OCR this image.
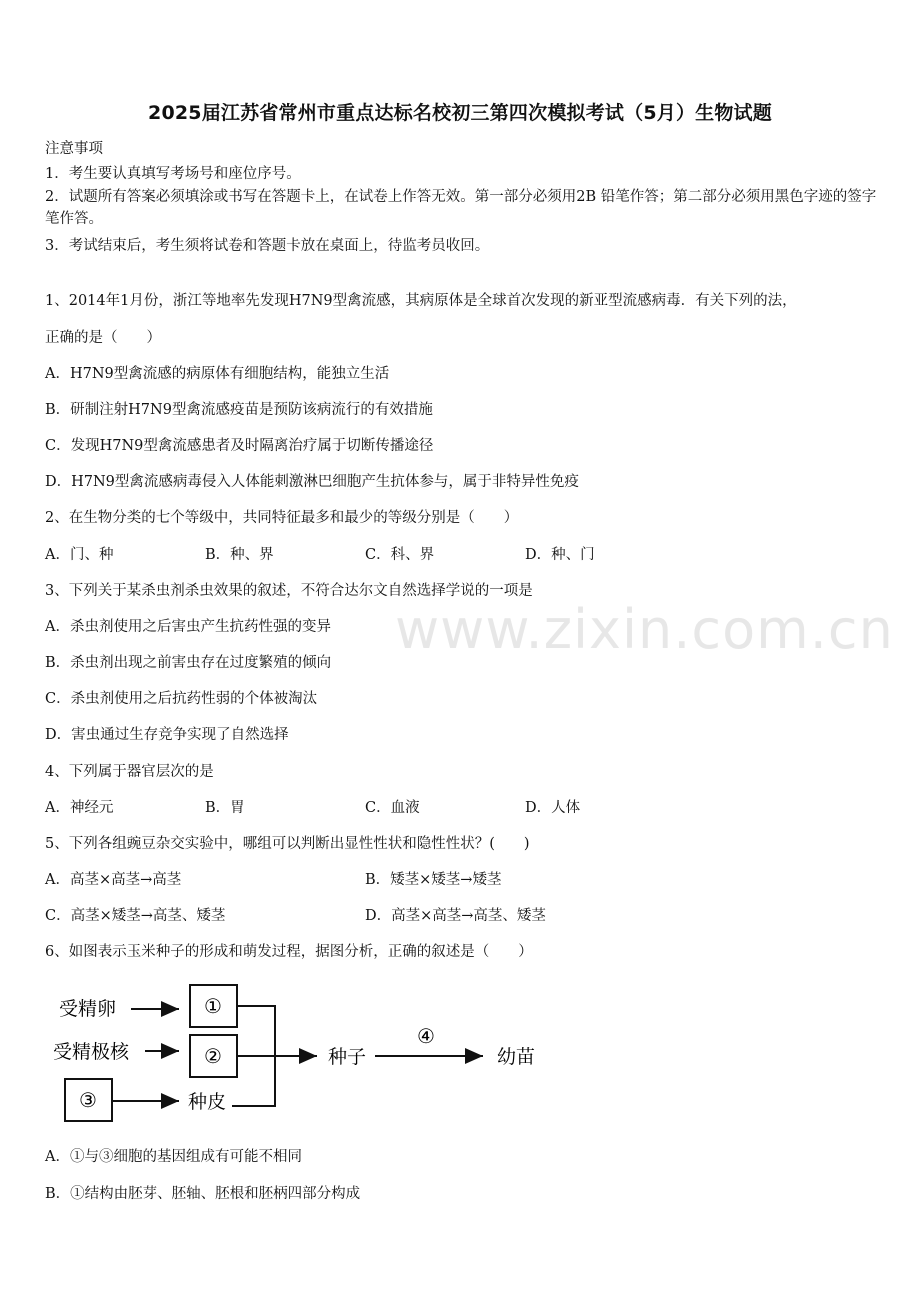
2025届江苏省常州市重点达标名校初三第四次模拟考试（5月）生物试题
注意事项
1．考生要认真填写考场号和座位序号。
2．试题所有答案必须填涂或书写在答题卡上，在试卷上作答无效。第一部分必须用2B 铅笔作答；第二部分必须用黑色字迹的签字笔作答。
3．考试结束后，考生须将试卷和答题卡放在桌面上，待监考员收回。
1、2014年1月份，浙江等地率先发现H7N9型禽流感，其病原体是全球首次发现的新亚型流感病毒．有关下列的法，
正确的是（　　）
A．H7N9型禽流感的病原体有细胞结构，能独立生活
B．研制注射H7N9型禽流感疫苗是预防该病流行的有效措施
C．发现H7N9型禽流感患者及时隔离治疗属于切断传播途径
D．H7N9型禽流感病毒侵入人体能刺激淋巴细胞产生抗体参与，属于非特异性免疫
2、在生物分类的七个等级中，共同特征最多和最少的等级分别是（　　）
A．门、种	B．种、界	C．科、界	D．种、门
3、下列关于某杀虫剂杀虫效果的叙述，不符合达尔文自然选择学说的一项是
A．杀虫剂使用之后害虫产生抗药性强的变异
B．杀虫剂出现之前害虫存在过度繁殖的倾向
C．杀虫剂使用之后抗药性弱的个体被淘汰
D．害虫通过生存竞争实现了自然选择
4、下列属于器官层次的是
A．神经元	B．胃	C．血液	D．人体
5、下列各组豌豆杂交实验中，哪组可以判断出显性性状和隐性性状？(　　)
A．高茎×高茎→高茎	B．矮茎×矮茎→矮茎
C．高茎×矮茎→高茎、矮茎	D．高茎×高茎→高茎、矮茎
6、如图表示玉米种子的形成和萌发过程，据图分析，正确的叙述是（　　）
受精卵	①
受精极核	②
③	种皮
种子
④
幼苗
A．①与③细胞的基因组成有可能不相同
B．①结构由胚芽、胚轴、胚根和胚柄四部分构成
www.zixin.com.cn
